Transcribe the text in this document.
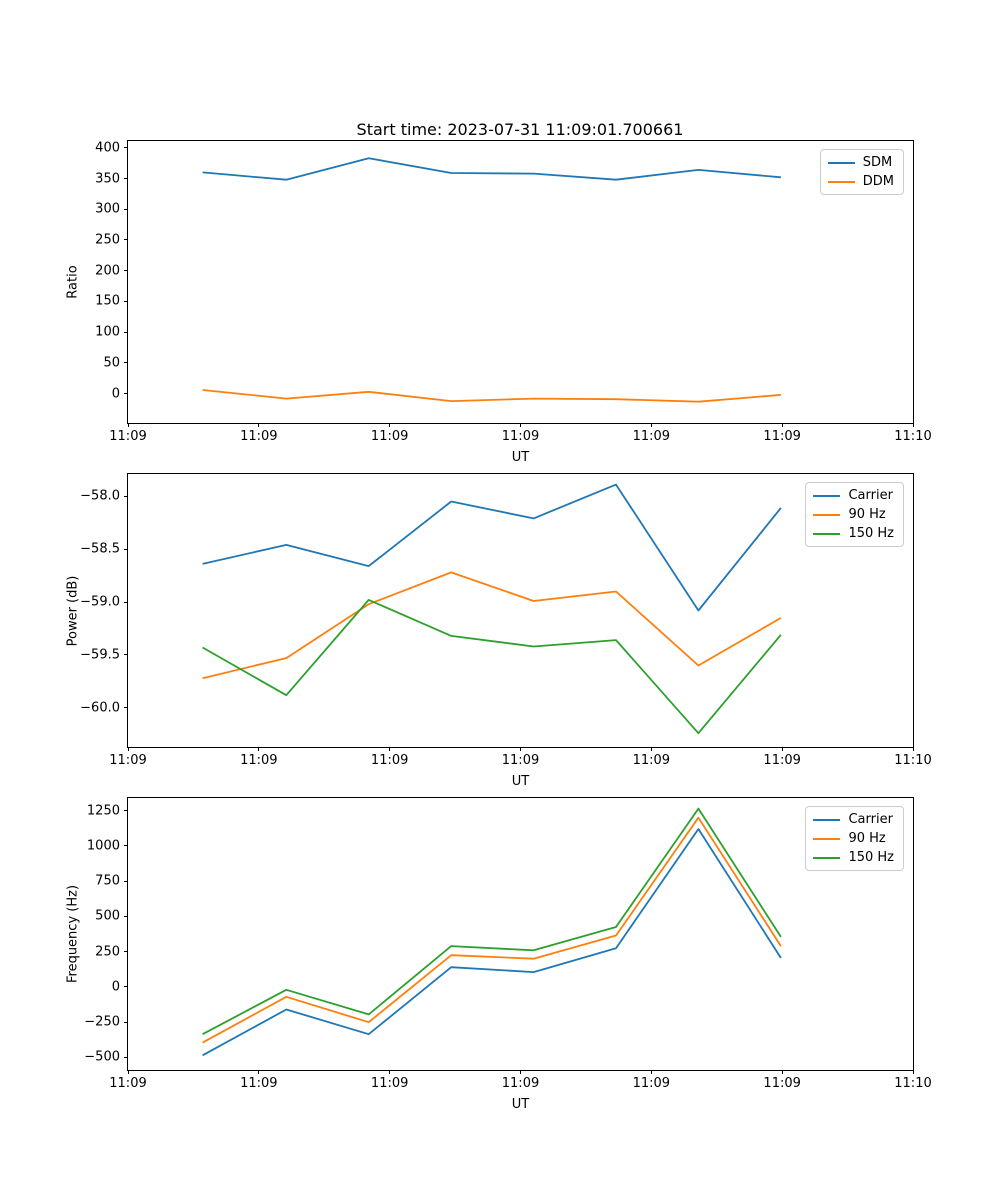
Start time: 2023-07-31 11:09:01.700661
11:09	11:09	11:09	11:09	11:09	11:09	11:10
0
50
100
150
200
250
300
350
400
UT
Ratio
SDM
DDM
11:09	11:09	11:09	11:09	11:09	11:09	11:10
−58.0
−58.5
−59.0
−59.5
−60.0
UT
Power (dB)
Carrier
90 Hz
150 Hz
11:09	11:09	11:09	11:09	11:09	11:09	11:10
−500
−250
0
250
500
750
1000
1250
UT
Frequency (Hz)
Carrier
90 Hz
150 Hz
